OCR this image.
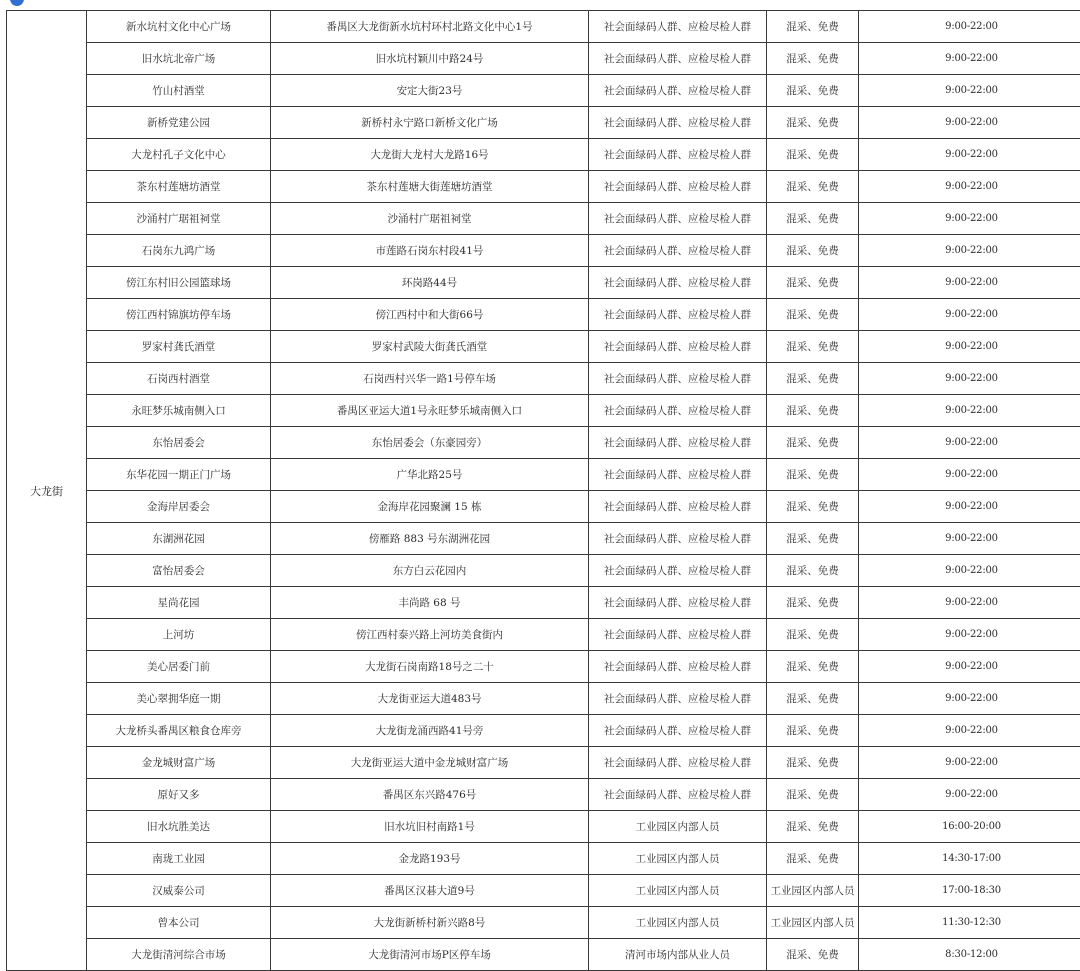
大龙街	新水坑村文化中心广场	番禺区大龙街新水坑村环村北路文化中心1号	社会面绿码人群、应检尽检人群	混采、免费	9:00-22:00
	旧水坑北帝广场	旧水坑村颖川中路24号	社会面绿码人群、应检尽检人群	混采、免费	9:00-22:00
	竹山村酒堂	安定大街23号	社会面绿码人群、应检尽检人群	混采、免费	9:00-22:00
	新桥党建公园	新桥村永宁路口新桥文化广场	社会面绿码人群、应检尽检人群	混采、免费	9:00-22:00
	大龙村孔子文化中心	大龙街大龙村大龙路16号	社会面绿码人群、应检尽检人群	混采、免费	9:00-22:00
	茶东村莲塘坊酒堂	茶东村莲塘大街莲塘坊酒堂	社会面绿码人群、应检尽检人群	混采、免费	9:00-22:00
	沙涌村广琚祖祠堂	沙涌村广琚祖祠堂	社会面绿码人群、应检尽检人群	混采、免费	9:00-22:00
	石岗东九鸿广场	市莲路石岗东村段41号	社会面绿码人群、应检尽检人群	混采、免费	9:00-22:00
	傍江东村旧公园篮球场	环岗路44号	社会面绿码人群、应检尽检人群	混采、免费	9:00-22:00
	傍江西村锦旗坊停车场	傍江西村中和大街66号	社会面绿码人群、应检尽检人群	混采、免费	9:00-22:00
	罗家村龚氏酒堂	罗家村武陵大街龚氏酒堂	社会面绿码人群、应检尽检人群	混采、免费	9:00-22:00
	石岗西村酒堂	石岗西村兴华一路1号停车场	社会面绿码人群、应检尽检人群	混采、免费	9:00-22:00
	永旺梦乐城南侧入口	番禺区亚运大道1号永旺梦乐城南侧入口	社会面绿码人群、应检尽检人群	混采、免费	9:00-22:00
	东怡居委会	东怡居委会（东豪园旁）	社会面绿码人群、应检尽检人群	混采、免费	9:00-22:00
	东华花园一期正门广场	广华北路25号	社会面绿码人群、应检尽检人群	混采、免费	9:00-22:00
	金海岸居委会	金海岸花园聚澜 15 栋	社会面绿码人群、应检尽检人群	混采、免费	9:00-22:00
	东湖洲花园	傍雁路 883 号东湖洲花园	社会面绿码人群、应检尽检人群	混采、免费	9:00-22:00
	富怡居委会	东方白云花园内	社会面绿码人群、应检尽检人群	混采、免费	9:00-22:00
	星尚花园	丰尚路 68 号	社会面绿码人群、应检尽检人群	混采、免费	9:00-22:00
	上河坊	傍江西村泰兴路上河坊美食街内	社会面绿码人群、应检尽检人群	混采、免费	9:00-22:00
	美心居委门前	大龙街石岗南路18号之二十	社会面绿码人群、应检尽检人群	混采、免费	9:00-22:00
	美心翠拥华庭一期	大龙街亚运大道483号	社会面绿码人群、应检尽检人群	混采、免费	9:00-22:00
	大龙桥头番禺区粮食仓库旁	大龙街龙涌西路41号旁	社会面绿码人群、应检尽检人群	混采、免费	9:00-22:00
	金龙城财富广场	大龙街亚运大道中金龙城财富广场	社会面绿码人群、应检尽检人群	混采、免费	9:00-22:00
	原好又多	番禺区东兴路476号	社会面绿码人群、应检尽检人群	混采、免费	9:00-22:00
	旧水坑胜美达	旧水坑旧村南路1号	工业园区内部人员	混采、免费	16:00-20:00
	南珑工业园	金龙路193号	工业园区内部人员	混采、免费	14:30-17:00
	汉威泰公司	番禺区汉碁大道9号	工业园区内部人员	工业园区内部人员	17:00-18:30
	曾本公司	大龙街新桥村新兴路8号	工业园区内部人员	工业园区内部人员	11:30-12:30
	大龙街清河综合市场	大龙街清河市场P区停车场	清河市场内部从业人员	混采、免费	8:30-12:00
